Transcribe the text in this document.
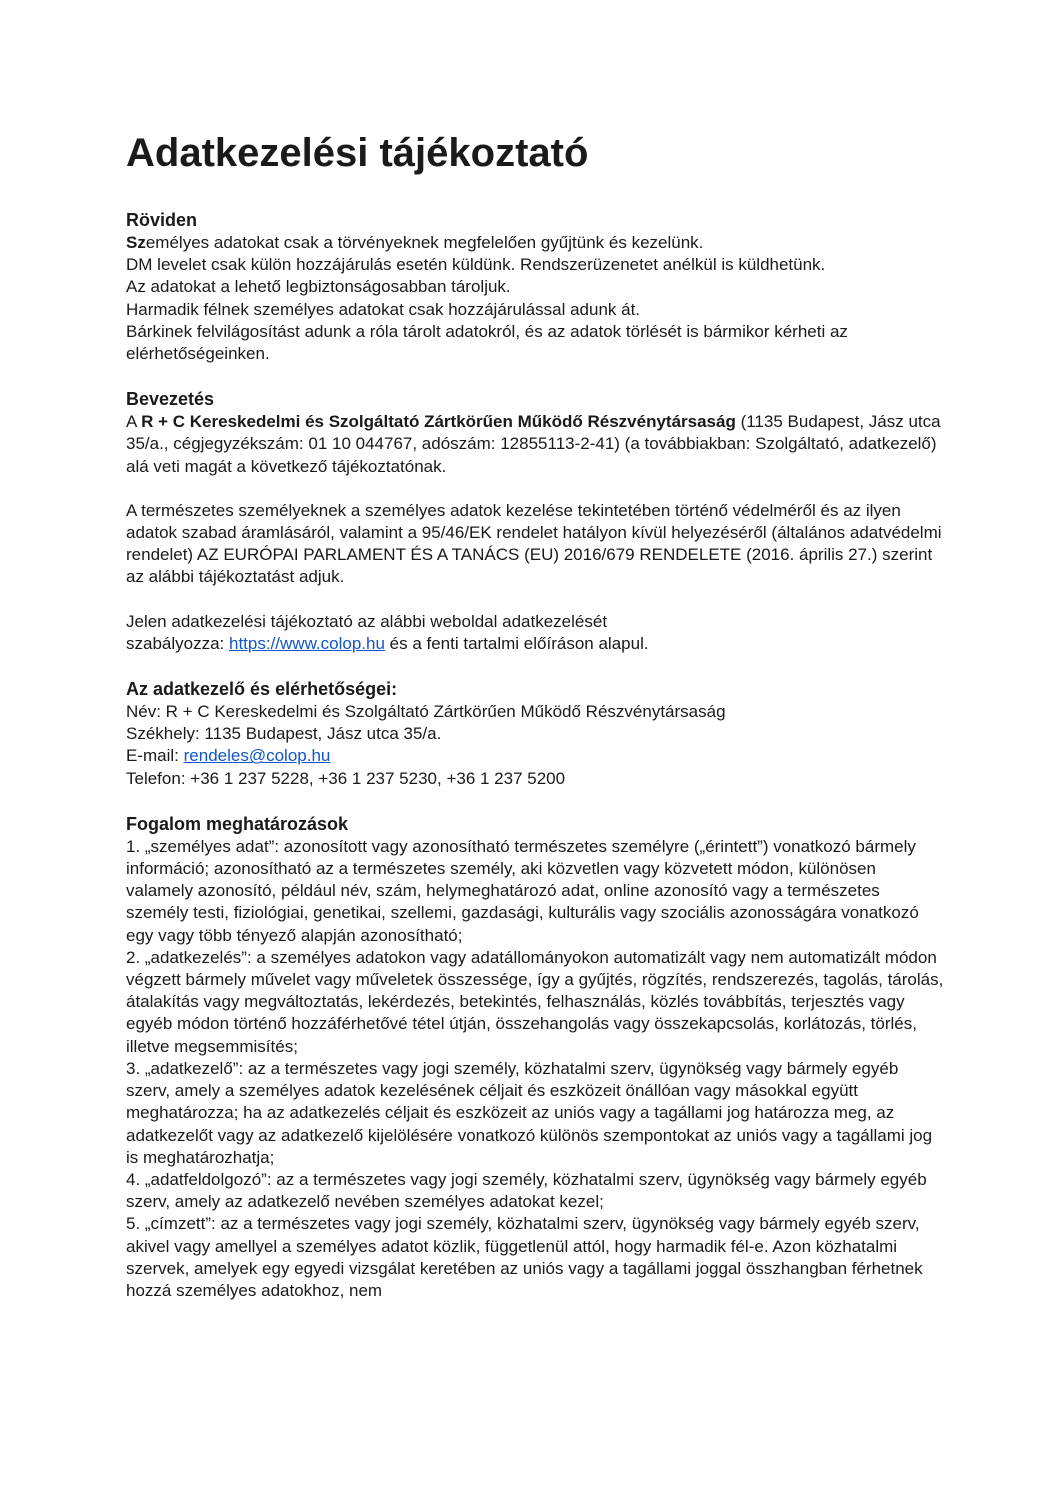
Adatkezelési tájékoztató
Röviden

Személyes adatokat csak a törvényeknek megfelelően gyűjtünk és kezelünk.

DM levelet csak külön hozzájárulás esetén küldünk. Rendszerüzenetet anélkül is küldhetünk.

Az adatokat a lehető legbiztonságosabban tároljuk.

Harmadik félnek személyes adatokat csak hozzájárulással adunk át.

Bárkinek felvilágosítást adunk a róla tárolt adatokról, és az adatok törlését is bármikor kérheti az elérhetőségeinken.

Bevezetés

A R + C Kereskedelmi és Szolgáltató Zártkörűen Működő Részvénytársaság (1135 Budapest, Jász utca 35/a., cégjegyzékszám: 01 10 044767, adószám: 12855113-2-41) (a továbbiakban: Szolgáltató, adatkezelő) alá veti magát a következő tájékoztatónak.

A természetes személyeknek a személyes adatok kezelése tekintetében történő védelméről és az ilyen adatok szabad áramlásáról, valamint a 95/46/EK rendelet hatályon kívül helyezéséről (általános adatvédelmi rendelet) AZ EURÓPAI PARLAMENT ÉS A TANÁCS (EU) 2016/679 RENDELETE (2016. április 27.) szerint az alábbi tájékoztatást adjuk.

Jelen adatkezelési tájékoztató az alábbi weboldal adatkezelését
szabályozza: https://www.colop.hu és a fenti tartalmi előíráson alapul.

Az adatkezelő és elérhetőségei:

Név: R + C Kereskedelmi és Szolgáltató Zártkörűen Működő Részvénytársaság

Székhely: 1135 Budapest, Jász utca 35/a.

E-mail: rendeles@colop.hu

Telefon: +36 1 237 5228, +36 1 237 5230, +36 1 237 5200

Fogalom meghatározások

1. „személyes adat”: azonosított vagy azonosítható természetes személyre („érintett”) vonatkozó bármely információ; azonosítható az a természetes személy, aki közvetlen vagy közvetett módon, különösen valamely azonosító, például név, szám, helymeghatározó adat, online azonosító vagy a természetes személy testi, fiziológiai, genetikai, szellemi, gazdasági, kulturális vagy szociális azonosságára vonatkozó egy vagy több tényező alapján azonosítható;

2. „adatkezelés”: a személyes adatokon vagy adatállományokon automatizált vagy nem automatizált módon végzett bármely művelet vagy műveletek összessége, így a gyűjtés, rögzítés, rendszerezés, tagolás, tárolás, átalakítás vagy megváltoztatás, lekérdezés, betekintés, felhasználás, közlés továbbítás, terjesztés vagy egyéb módon történő hozzáférhetővé tétel útján, összehangolás vagy összekapcsolás, korlátozás, törlés, illetve megsemmisítés;

3. „adatkezelő”: az a természetes vagy jogi személy, közhatalmi szerv, ügynökség vagy bármely egyéb szerv, amely a személyes adatok kezelésének céljait és eszközeit önállóan vagy másokkal együtt meghatározza; ha az adatkezelés céljait és eszközeit az uniós vagy a tagállami jog határozza meg, az adatkezelőt vagy az adatkezelő kijelölésére vonatkozó különös szempontokat az uniós vagy a tagállami jog is meghatározhatja;

4. „adatfeldolgozó”: az a természetes vagy jogi személy, közhatalmi szerv, ügynökség vagy bármely egyéb szerv, amely az adatkezelő nevében személyes adatokat kezel;

5. „címzett”: az a természetes vagy jogi személy, közhatalmi szerv, ügynökség vagy bármely egyéb szerv, akivel vagy amellyel a személyes adatot közlik, függetlenül attól, hogy harmadik fél-e. Azon közhatalmi szervek, amelyek egy egyedi vizsgálat keretében az uniós vagy a tagállami joggal összhangban férhetnek hozzá személyes adatokhoz, nem
